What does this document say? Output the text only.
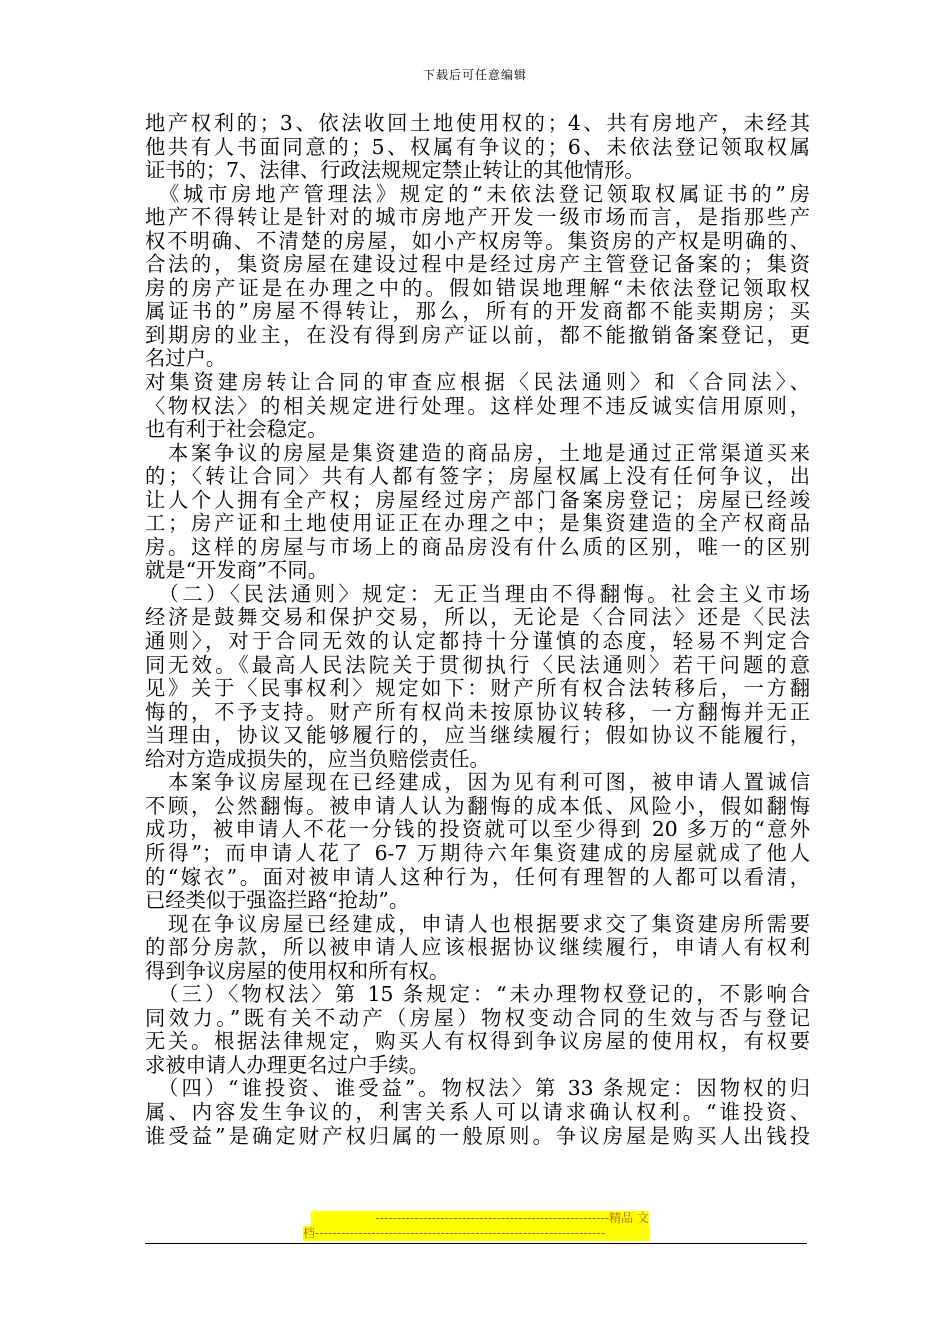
下载后可任意编辑
地产权利的；3、依法收回土地使用权的；4、共有房地产，未经其
他共有人书面同意的；5、权属有争议的；6、未依法登记领取权属
证书的；7、法律、行政法规规定禁止转让的其他情形。
　《城市房地产管理法》规定的“未依法登记领取权属证书的”房
地产不得转让是针对的城市房地产开发一级市场而言，是指那些产
权不明确、不清楚的房屋，如小产权房等。集资房的产权是明确的、
合法的，集资房屋在建设过程中是经过房产主管登记备案的；集资
房的房产证是在办理之中的。假如错误地理解“未依法登记领取权
属证书的”房屋不得转让，那么，所有的开发商都不能卖期房；买
到期房的业主，在没有得到房产证以前，都不能撤销备案登记，更
名过户。
对集资建房转让合同的审查应根据〈民法通则〉和〈合同法〉、
〈物权法〉的相关规定进行处理。这样处理不违反诚实信用原则，
也有利于社会稳定。
　本案争议的房屋是集资建造的商品房，土地是通过正常渠道买来
的；〈转让合同〉共有人都有签字；房屋权属上没有任何争议，出
让人个人拥有全产权；房屋经过房产部门备案房登记；房屋已经竣
工；房产证和土地使用证正在办理之中；是集资建造的全产权商品
房。这样的房屋与市场上的商品房没有什么质的区别，唯一的区别
就是“开发商”不同。
　（二）〈民法通则〉规定：无正当理由不得翻悔。社会主义市场
经济是鼓舞交易和保护交易，所以，无论是〈合同法〉还是〈民法
通则〉，对于合同无效的认定都持十分谨慎的态度，轻易不判定合
同无效。《最高人民法院关于贯彻执行〈民法通则〉若干问题的意
见》关于〈民事权利〉规定如下：财产所有权合法转移后，一方翻
悔的，不予支持。财产所有权尚未按原协议转移，一方翻悔并无正
当理由，协议又能够履行的，应当继续履行；假如协议不能履行，
给对方造成损失的，应当负赔偿责任。
　本案争议房屋现在已经建成，因为见有利可图，被申请人置诚信
不顾，公然翻悔。被申请人认为翻悔的成本低、风险小，假如翻悔
成功，被申请人不花一分钱的投资就可以至少得到 20 多万的“意外
所得”；而申请人花了 6-7 万期待六年集资建成的房屋就成了他人
的“嫁衣”。面对被申请人这种行为，任何有理智的人都可以看清，
已经类似于强盗拦路“抢劫”。
　现在争议房屋已经建成，申请人也根据要求交了集资建房所需要
的部分房款，所以被申请人应该根据协议继续履行，申请人有权利
得到争议房屋的使用权和所有权。
　（三）〈物权法〉第 15 条规定：“未办理物权登记的，不影响合
同效力。”既有关不动产（房屋）物权变动合同的生效与否与登记
无关。根据法律规定，购买人有权得到争议房屋的使用权，有权要
求被申请人办理更名过户手续。
　（四）“谁投资、谁受益”。物权法〉第 33 条规定：因物权的归
属、内容发生争议的，利害关系人可以请求确认权利。“谁投资、
谁受益”是确定财产权归属的一般原则。争议房屋是购买人出钱投
------------------------------------------------------精品 文
档-------------------------------------------------------------------
